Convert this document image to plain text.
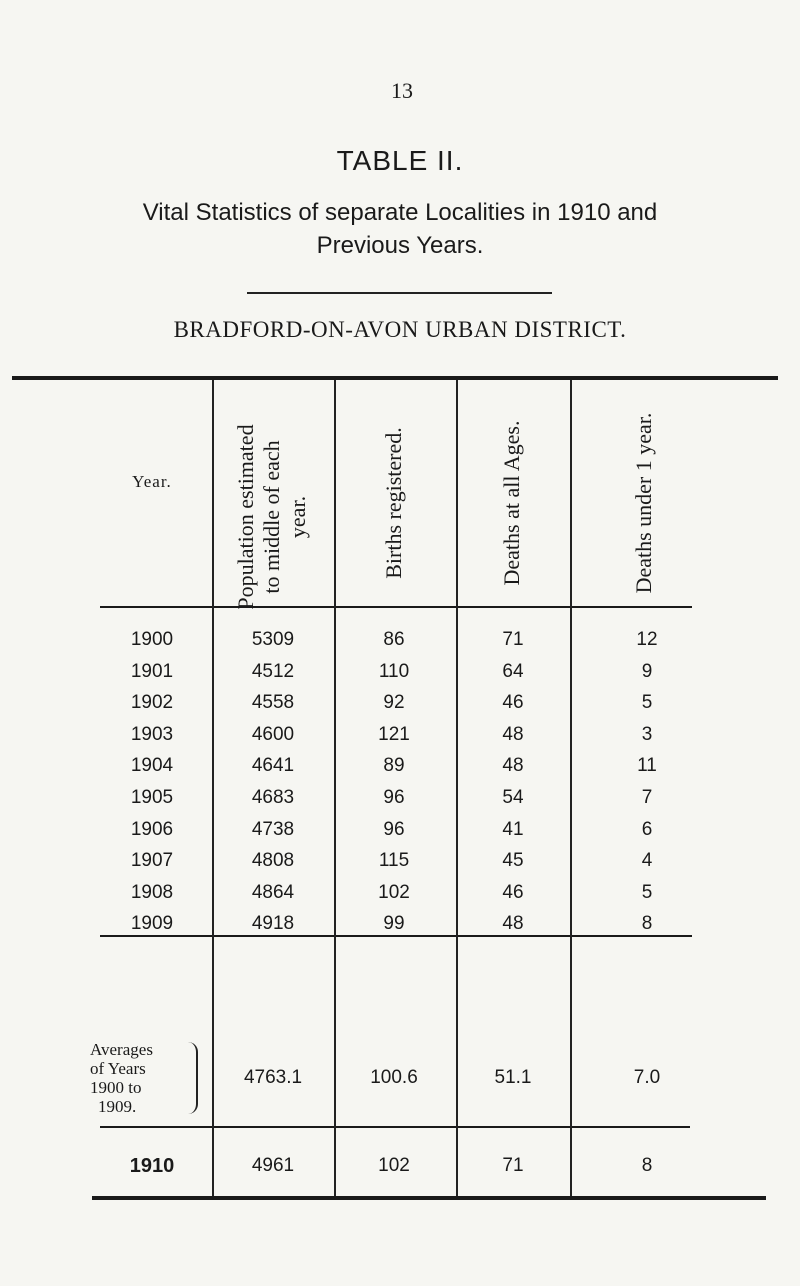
13
TABLE II.
Vital Statistics of separate Localities in 1910 and
Previous Years.
BRADFORD-ON-AVON URBAN DISTRICT.
Year.	Population estimated to middle of each year.	Births registered.	Deaths at all Ages.	Deaths under 1 year.
1900	5309	86	71	12
1901	4512	110	64	9
1902	4558	92	46	5
1903	4600	121	48	3
1904	4641	89	48	11
1905	4683	96	54	7
1906	4738	96	41	6
1907	4808	115	45	4
1908	4864	102	46	5
1909	4918	99	48	8
Averages
of Years
1900 to
1909.
4763.1	100.6	51.1	7.0
1910	4961	102	71	8
